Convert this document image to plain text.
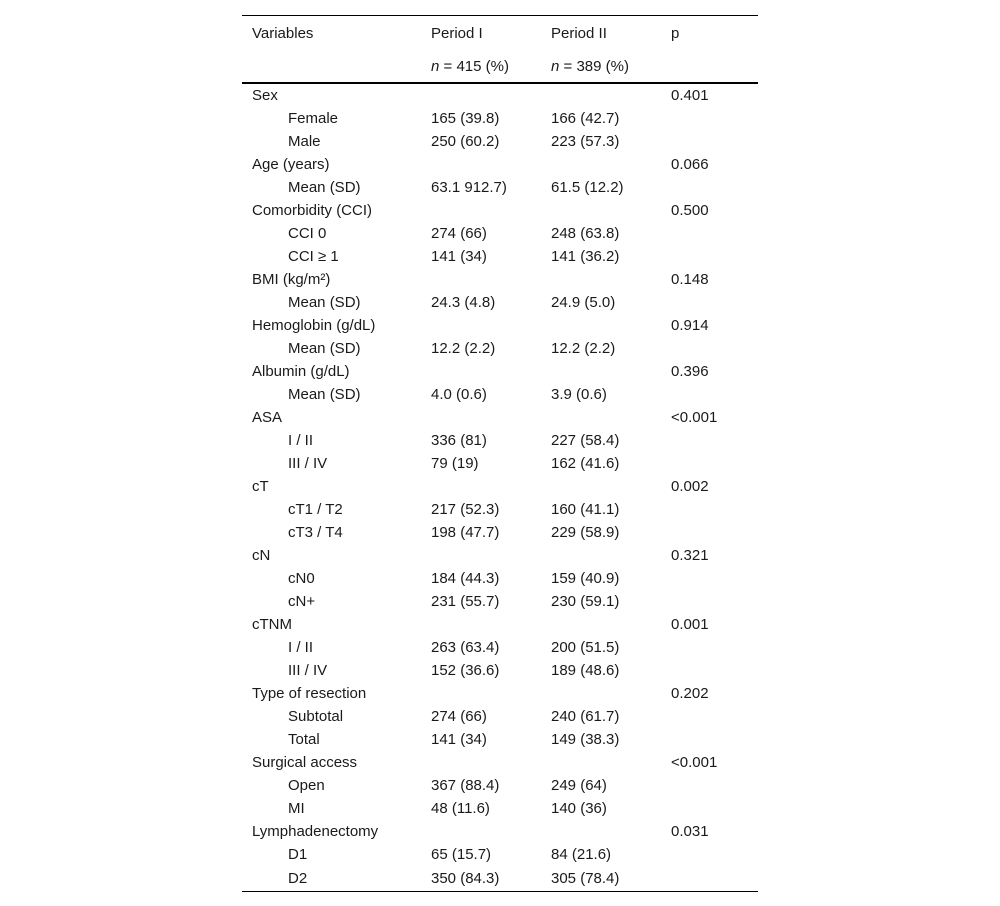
Variables	Period I	Period II	p
	n = 415 (%)	n = 389 (%)	
Sex			0.401
Female	165 (39.8)	166 (42.7)	
Male	250 (60.2)	223 (57.3)	
Age (years)			0.066
Mean (SD)	63.1 912.7)	61.5 (12.2)	
Comorbidity (CCI)			0.500
CCI 0	274 (66)	248 (63.8)	
CCI ≥ 1	141 (34)	141 (36.2)	
BMI (kg/m²)			0.148
Mean (SD)	24.3 (4.8)	24.9 (5.0)	
Hemoglobin (g/dL)			0.914
Mean (SD)	12.2 (2.2)	12.2 (2.2)	
Albumin (g/dL)			0.396
Mean (SD)	4.0 (0.6)	3.9 (0.6)	
ASA			<0.001
I / II	336 (81)	227 (58.4)	
III / IV	79 (19)	162 (41.6)	
cT			0.002
cT1 / T2	217 (52.3)	160 (41.1)	
cT3 / T4	198 (47.7)	229 (58.9)	
cN			0.321
cN0	184 (44.3)	159 (40.9)	
cN+	231 (55.7)	230 (59.1)	
cTNM			0.001
I / II	263 (63.4)	200 (51.5)	
III / IV	152 (36.6)	189 (48.6)	
Type of resection			0.202
Subtotal	274 (66)	240 (61.7)	
Total	141 (34)	149 (38.3)	
Surgical access			<0.001
Open	367 (88.4)	249 (64)	
MI	48 (11.6)	140 (36)	
Lymphadenectomy			0.031
D1	65 (15.7)	84 (21.6)	
D2	350 (84.3)	305 (78.4)	
